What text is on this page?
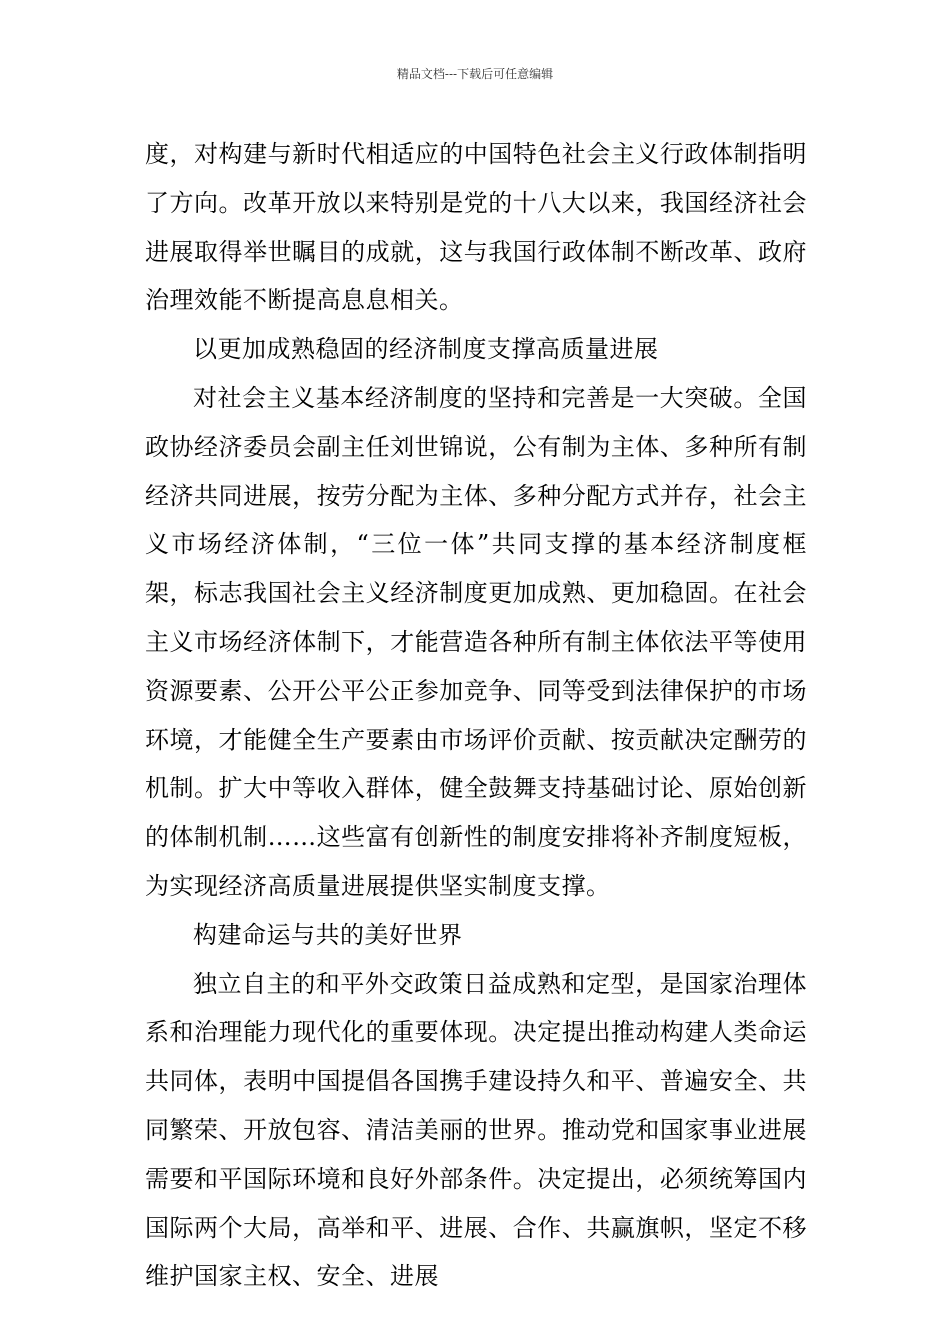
精品文档---下载后可任意编辑

度，对构建与新时代相适应的中国特色社会主义行政体制指明了方向。改革开放以来特别是党的十八大以来，我国经济社会进展取得举世瞩目的成就，这与我国行政体制不断改革、政府治理效能不断提高息息相关。

以更加成熟稳固的经济制度支撑高质量进展

对社会主义基本经济制度的坚持和完善是一大突破。全国政协经济委员会副主任刘世锦说，公有制为主体、多种所有制经济共同进展，按劳分配为主体、多种分配方式并存，社会主义市场经济体制，“三位一体”共同支撑的基本经济制度框架，标志我国社会主义经济制度更加成熟、更加稳固。在社会主义市场经济体制下，才能营造各种所有制主体依法平等使用资源要素、公开公平公正参加竞争、同等受到法律保护的市场环境，才能健全生产要素由市场评价贡献、按贡献决定酬劳的机制。扩大中等收入群体，健全鼓舞支持基础讨论、原始创新的体制机制……这些富有创新性的制度安排将补齐制度短板，为实现经济高质量进展提供坚实制度支撑。

构建命运与共的美好世界

独立自主的和平外交政策日益成熟和定型，是国家治理体系和治理能力现代化的重要体现。决定提出推动构建人类命运共同体，表明中国提倡各国携手建设持久和平、普遍安全、共同繁荣、开放包容、清洁美丽的世界。推动党和国家事业进展需要和平国际环境和良好外部条件。决定提出，必须统筹国内国际两个大局，高举和平、进展、合作、共赢旗帜，坚定不移维护国家主权、安全、进展
